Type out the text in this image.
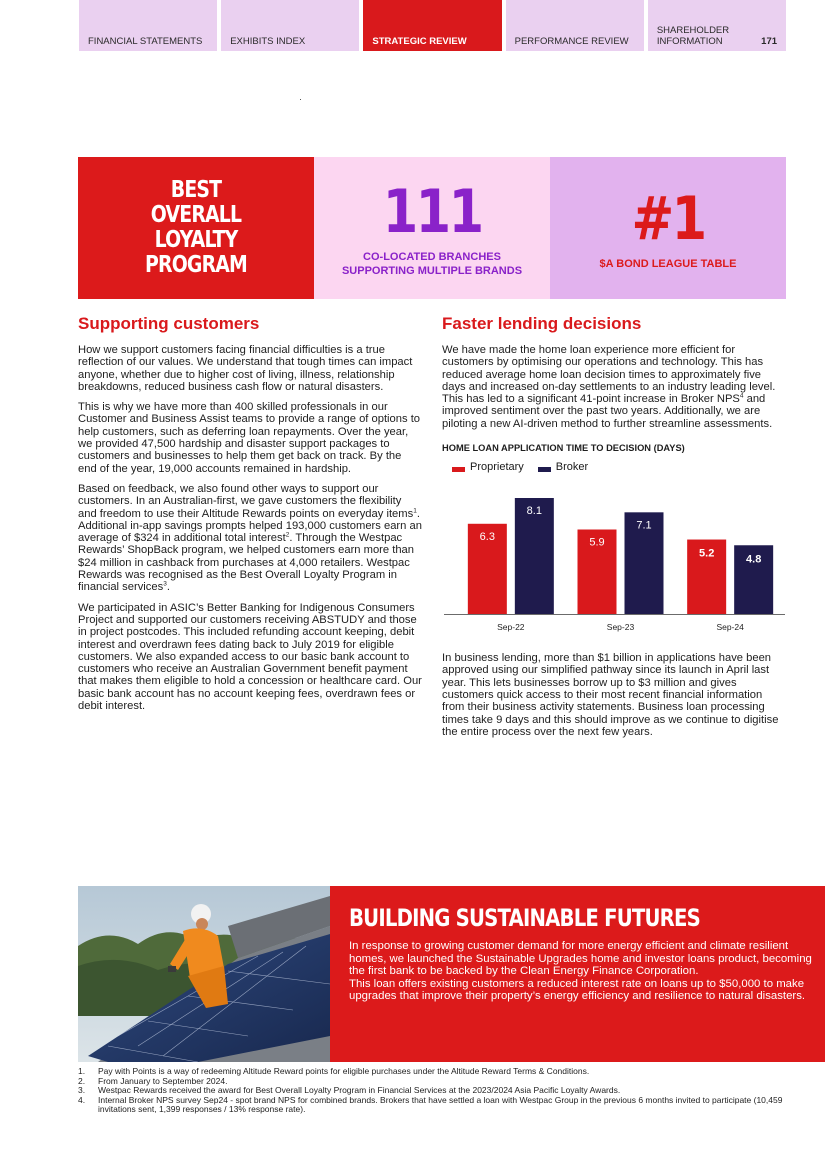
FINANCIAL STATEMENTS	EXHIBITS INDEX	STRATEGIC REVIEW	PERFORMANCE REVIEW
SHAREHOLDER INFORMATION	171
BEST OVERALL LOYALTY PROGRAM
111
CO-LOCATED BRANCHES
SUPPORTING MULTIPLE BRANDS
#1
$A BOND LEAGUE TABLE
Supporting customers

How we support customers facing financial difficulties is a true reflection of our values. We understand that tough times can impact anyone, whether due to higher cost of living, illness, relationship breakdowns, reduced business cash flow or natural disasters.

This is why we have more than 400 skilled professionals in our Customer and Business Assist teams to provide a range of options to help customers, such as deferring loan repayments. Over the year, we provided 47,500 hardship and disaster support packages to customers and businesses to help them get back on track. By the end of the year, 19,000 accounts remained in hardship.

Based on feedback, we also found other ways to support our customers. In an Australian-first, we gave customers the flexibility and freedom to use their Altitude Rewards points on everyday items$^1$. Additional in-app savings prompts helped 193,000 customers earn an average of $324 in additional total interest$^2$. Through the Westpac Rewards’ ShopBack program, we helped customers earn more than $24 million in cashback from purchases at 4,000 retailers. Westpac Rewards was recognised as the Best Overall Loyalty Program in financial services$^3$.

We participated in ASIC’s Better Banking for Indigenous Consumers Project and supported our customers receiving ABSTUDY and those in project postcodes. This included refunding account keeping, debit interest and overdrawn fees dating back to July 2019 for eligible customers. We also expanded access to our basic bank account to customers who receive an Australian Government benefit payment that makes them eligible to hold a concession or healthcare card. Our basic bank account has no account keeping fees, overdrawn fees or debit interest.

Faster lending decisions

We have made the home loan experience more efficient for customers by optimising our operations and technology. This has reduced average home loan decision times to approximately five days and increased on-day settlements to an industry leading level. This has led to a significant 41-point increase in Broker NPS$^4$ and improved sentiment over the past two years. Additionally, we are piloting a new AI-driven method to further streamline assessments.

HOME LOAN APPLICATION TIME TO DECISION (DAYS)
Proprietary	Broker
6.3
8.1
Sep-22
5.9
7.1
Sep-23
5.2	4.8
Sep-24

In business lending, more than $1 billion in applications have been approved using our simplified pathway since its launch in April last year. This lets businesses borrow up to $3 million and gives customers quick access to their most recent financial information from their business activity statements. Business loan processing times take 9 days and this should improve as we continue to digitise the entire process over the next few years.

BUILDING SUSTAINABLE FUTURES

In response to growing customer demand for more energy efficient and climate resilient homes, we launched the Sustainable Upgrades home and investor loans product, becoming the first bank to be backed by the Clean Energy Finance Corporation.

This loan offers existing customers a reduced interest rate on loans up to $50,000 to make upgrades that improve their property’s energy efficiency and resilience to natural disasters.

1.	Pay with Points is a way of redeeming Altitude Reward points for eligible purchases under the Altitude Reward Terms & Conditions.
2.	From January to September 2024.
3.	Westpac Rewards received the award for Best Overall Loyalty Program in Financial Services at the 2023/2024 Asia Pacific Loyalty Awards.
4.	Internal Broker NPS survey Sep24 - spot brand NPS for combined brands. Brokers that have settled a loan with Westpac Group in the previous 6 months invited to participate (10,459 invitations sent, 1,399 responses / 13% response rate).
